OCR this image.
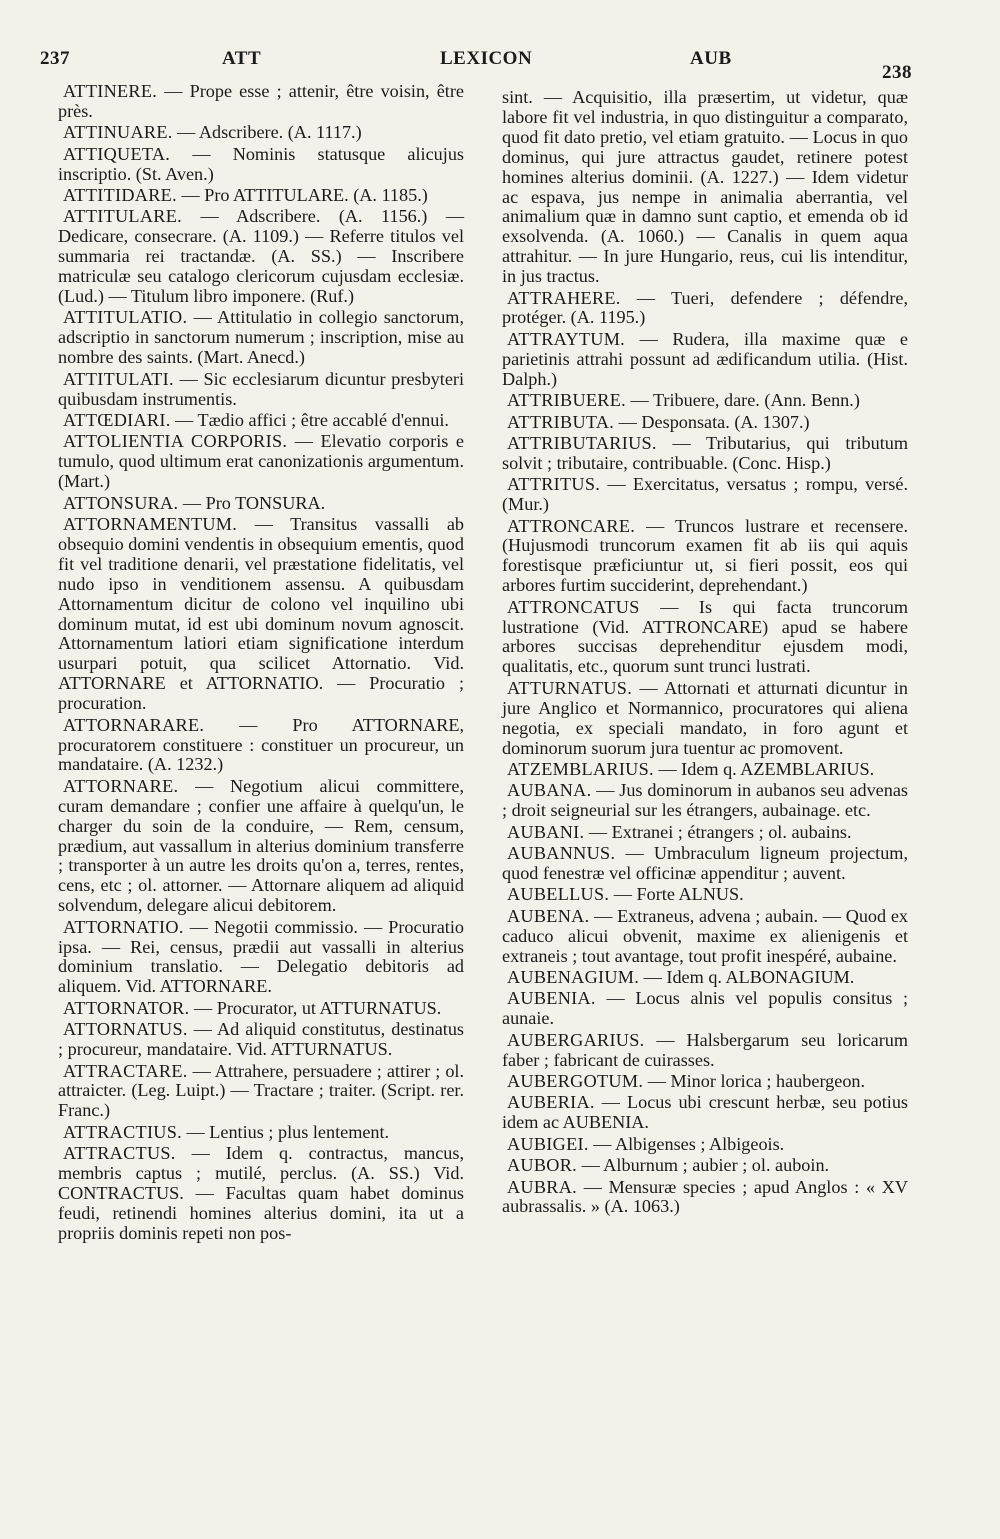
237	ATT	LEXICON	AUB
238

ATTINERE. — Prope esse ; attenir, être voisin, être près.

ATTINUARE. — Adscribere. (A. 1117.)

ATTIQUETA. — Nominis statusque alicujus inscriptio. (St. Aven.)

ATTITIDARE. — Pro ATTITULARE. (A. 1185.)

ATTITULARE. — Adscribere. (A. 1156.) — Dedicare, consecrare. (A. 1109.) — Referre titulos vel summaria rei tractandæ. (A. SS.) — Inscribere matriculæ seu catalogo clericorum cujusdam ecclesiæ. (Lud.) — Titulum libro imponere. (Ruf.)

ATTITULATIO. — Attitulatio in collegio sanctorum, adscriptio in sanctorum numerum ; inscription, mise au nombre des saints. (Mart. Anecd.)

ATTITULATI. — Sic ecclesiarum dicuntur presbyteri quibusdam instrumentis.

ATTŒDIARI. — Tædio affici ; être accablé d'ennui.

ATTOLIENTIA CORPORIS. — Elevatio corporis e tumulo, quod ultimum erat canonizationis argumentum. (Mart.)

ATTONSURA. — Pro TONSURA.

ATTORNAMENTUM. — Transitus vassalli ab obsequio domini vendentis in obsequium ementis, quod fit vel traditione denarii, vel præstatione fidelitatis, vel nudo ipso in venditionem assensu. A quibusdam Attornamentum dicitur de colono vel inquilino ubi dominum mutat, id est ubi dominum novum agnoscit. Attornamentum latiori etiam significatione interdum usurpari potuit, qua scilicet Attornatio. Vid. ATTORNARE et ATTORNATIO. — Procuratio ; procuration.

ATTORNARARE. — Pro ATTORNARE, procuratorem constituere : constituer un procureur, un mandataire. (A. 1232.)

ATTORNARE. — Negotium alicui committere, curam demandare ; confier une affaire à quelqu'un, le charger du soin de la conduire, — Rem, censum, prædium, aut vassallum in alterius dominium transferre ; transporter à un autre les droits qu'on a, terres, rentes, cens, etc ; ol. attorner. — Attornare aliquem ad aliquid solvendum, delegare alicui debitorem.

ATTORNATIO. — Negotii commissio. — Procuratio ipsa. — Rei, census, prædii aut vassalli in alterius dominium translatio. — Delegatio debitoris ad aliquem. Vid. ATTORNARE.

ATTORNATOR. — Procurator, ut ATTURNATUS.

ATTORNATUS. — Ad aliquid constitutus, destinatus ; procureur, mandataire. Vid. ATTURNATUS.

ATTRACTARE. — Attrahere, persuadere ; attirer ; ol. attraicter. (Leg. Luipt.) — Tractare ; traiter. (Script. rer. Franc.)

ATTRACTIUS. — Lentius ; plus lentement.

ATTRACTUS. — Idem q. contractus, mancus, membris captus ; mutilé, perclus. (A. SS.) Vid. CONTRACTUS. — Facultas quam habet dominus feudi, retinendi homines alterius domini, ita ut a propriis dominis repeti non pos-

sint. — Acquisitio, illa præsertim, ut videtur, quæ labore fit vel industria, in quo distinguitur a comparato, quod fit dato pretio, vel etiam gratuito. — Locus in quo dominus, qui jure attractus gaudet, retinere potest homines alterius dominii. (A. 1227.) — Idem videtur ac espava, jus nempe in animalia aberrantia, vel animalium quæ in damno sunt captio, et emenda ob id exsolvenda. (A. 1060.) — Canalis in quem aqua attrahitur. — In jure Hungario, reus, cui lis intenditur, in jus tractus.

ATTRAHERE. — Tueri, defendere ; défendre, protéger. (A. 1195.)

ATTRAYTUM. — Rudera, illa maxime quæ e parietinis attrahi possunt ad ædificandum utilia. (Hist. Dalph.)

ATTRIBUERE. — Tribuere, dare. (Ann. Benn.)

ATTRIBUTA. — Desponsata. (A. 1307.)

ATTRIBUTARIUS. — Tributarius, qui tributum solvit ; tributaire, contribuable. (Conc. Hisp.)

ATTRITUS. — Exercitatus, versatus ; rompu, versé. (Mur.)

ATTRONCARE. — Truncos lustrare et recensere. (Hujusmodi truncorum examen fit ab iis qui aquis forestisque præficiuntur ut, si fieri possit, eos qui arbores furtim succiderint, deprehendant.)

ATTRONCATUS — Is qui facta truncorum lustratione (Vid. ATTRONCARE) apud se habere arbores succisas deprehenditur ejusdem modi, qualitatis, etc., quorum sunt trunci lustrati.

ATTURNATUS. — Attornati et atturnati dicuntur in jure Anglico et Normannico, procuratores qui aliena negotia, ex speciali mandato, in foro agunt et dominorum suorum jura tuentur ac promovent.

ATZEMBLARIUS. — Idem q. AZEMBLARIUS.

AUBANA. — Jus dominorum in aubanos seu advenas ; droit seigneurial sur les étrangers, aubainage. etc.

AUBANI. — Extranei ; étrangers ; ol. aubains.

AUBANNUS. — Umbraculum ligneum projectum, quod fenestræ vel officinæ appenditur ; auvent.

AUBELLUS. — Forte ALNUS.

AUBENA. — Extraneus, advena ; aubain. — Quod ex caduco alicui obvenit, maxime ex alienigenis et extraneis ; tout avantage, tout profit inespéré, aubaine.

AUBENAGIUM. — Idem q. ALBONAGIUM.

AUBENIA. — Locus alnis vel populis consitus ; aunaie.

AUBERGARIUS. — Halsbergarum seu loricarum faber ; fabricant de cuirasses.

AUBERGOTUM. — Minor lorica ; haubergeon.

AUBERIA. — Locus ubi crescunt herbæ, seu potius idem ac AUBENIA.

AUBIGEI. — Albigenses ; Albigeois.

AUBOR. — Alburnum ; aubier ; ol. auboin.

AUBRA. — Mensuræ species ; apud Anglos : « XV aubrassalis. » (A. 1063.)
